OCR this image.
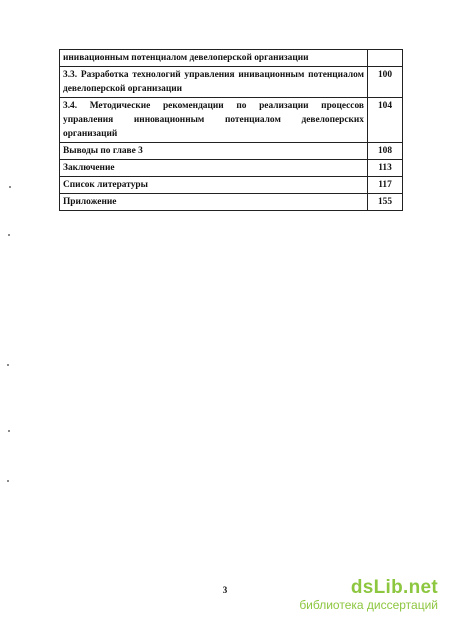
инивационным потенциалом девелоперской организации	
3.3. Разработка технологий управления инивационным потенциалом девелоперской организации	100
3.4. Методические рекомендации по реализации процессов управления инновационным потенциалом девелоперских организаций	104
Выводы по главе 3	108
Заключение	113
Список литературы	117
Приложение	155
3	dsLib.net
библиотека диссертаций
